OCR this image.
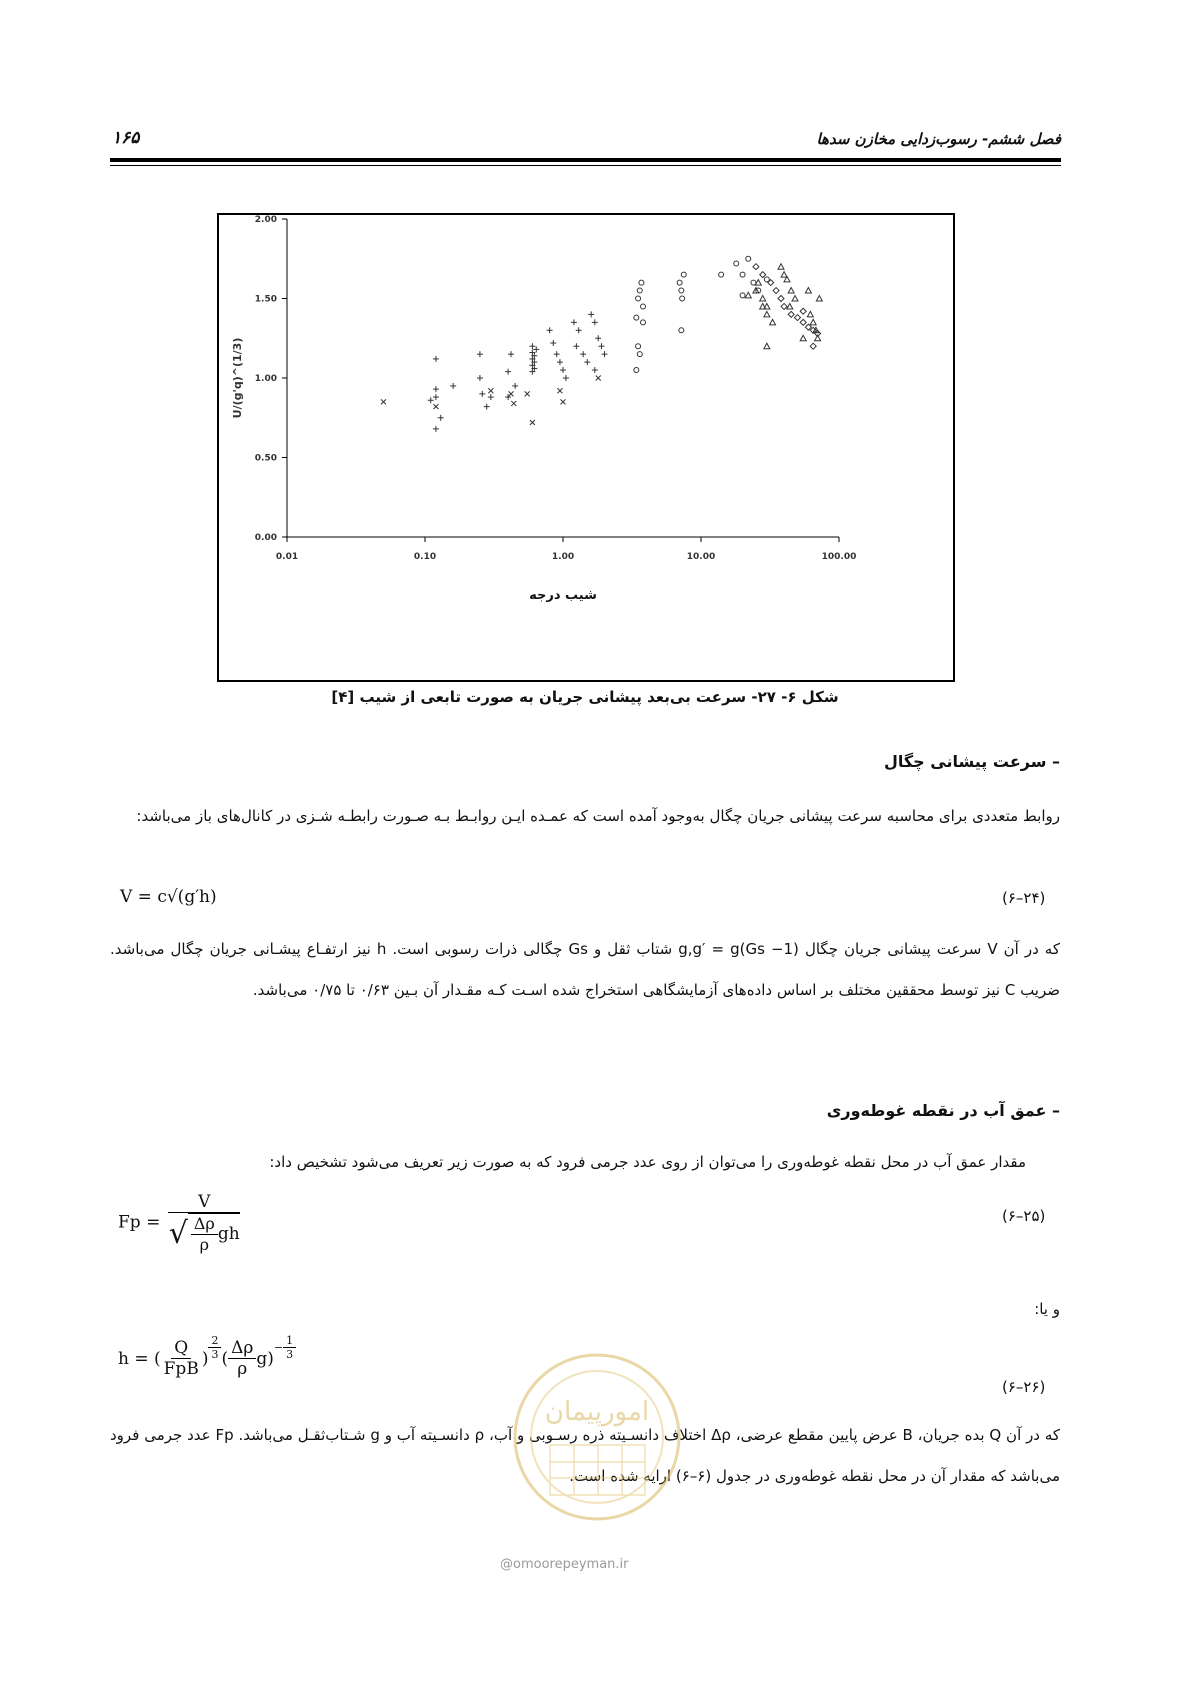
فصل ششم- رسوب‌زدایی مخازن سدها
۱۶۵
0.01	0.10	1.00	10.00	100.00
0.00
0.50
1.00
1.50
2.00
U/(g'q)^(1/3)
شیب درجه
شکل ۶- ۲۷- سرعت بی‌بعد پیشانی جریان به صورت تابعی از شیب [۴]
– سرعت پیشانی چگال
روابط متعددی برای محاسبه سرعت پیشانی جریان چگال به‌وجود آمده است که عمـده ایـن روابـط بـه صـورت رابطـه شـزی در کانال‌های باز می‌باشد:
V = c√(g′h)	(۶–۲۴)
که در آن V سرعت پیشانی جریان چگال g,g′ = g(Gs −1) شتاب ثقل و Gs چگالی ذرات رسوبی است. h نیز ارتفـاع پیشـانی جریان چگال می‌باشد. ضریب C نیز توسط محققین مختلف بر اساس داده‌های آزمایشگاهی استخراج شده اسـت کـه مقـدار آن بـین ۰/۶۳ تا ۰/۷۵ می‌باشد.
– عمق آب در نقطه غوطه‌وری
مقدار عمق آب در محل نقطه غوطه‌وری را می‌توان از روی عدد جرمی فرود که به صورت زیر تعریف می‌شود تشخیص داد:
Fp =
V
√ $\frac{\Delta\rho}{\rho}$ gh
(۶–۲۵)
و یا:
h = ( $\frac{Q}{\text{FpB}}$ ) $\frac{2}{3}$ ( $\frac{\Delta\rho}{\rho} g$)
− $\frac{1}{3}$
(۶–۲۶)
که در آن Q بده جریان، B عرض پایین مقطع عرضی، Δρ اختلاف دانسـیته ذره رسـوبی و آب، ρ دانسـیته آب و g شـتاب‌ثقـل می‌باشد. Fp عدد جرمی فرود می‌باشد که مقدار آن در محل نقطه غوطه‌وری در جدول (۶–۶) ارایه شده است.
امورپیمان
@omoorepeyman.ir
